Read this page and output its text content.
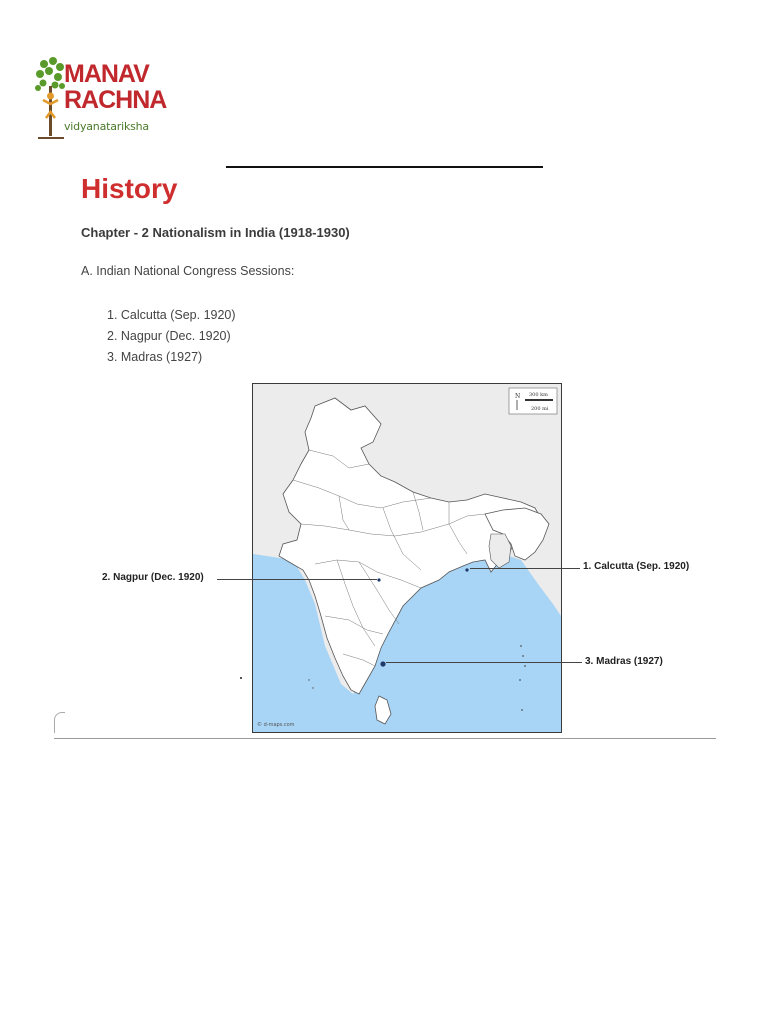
MANAV
RACHNA
vidyanatariksha
History

Chapter - 2 Nationalism in India (1918-1930)

A. Indian National Congress Sessions:

1. Calcutta (Sep. 1920)
2. Nagpur (Dec. 1920)
3. Madras (1927)
N 300 km
200 mi
© d-maps.com
2. Nagpur (Dec. 1920)
1. Calcutta (Sep. 1920)
3. Madras (1927)
